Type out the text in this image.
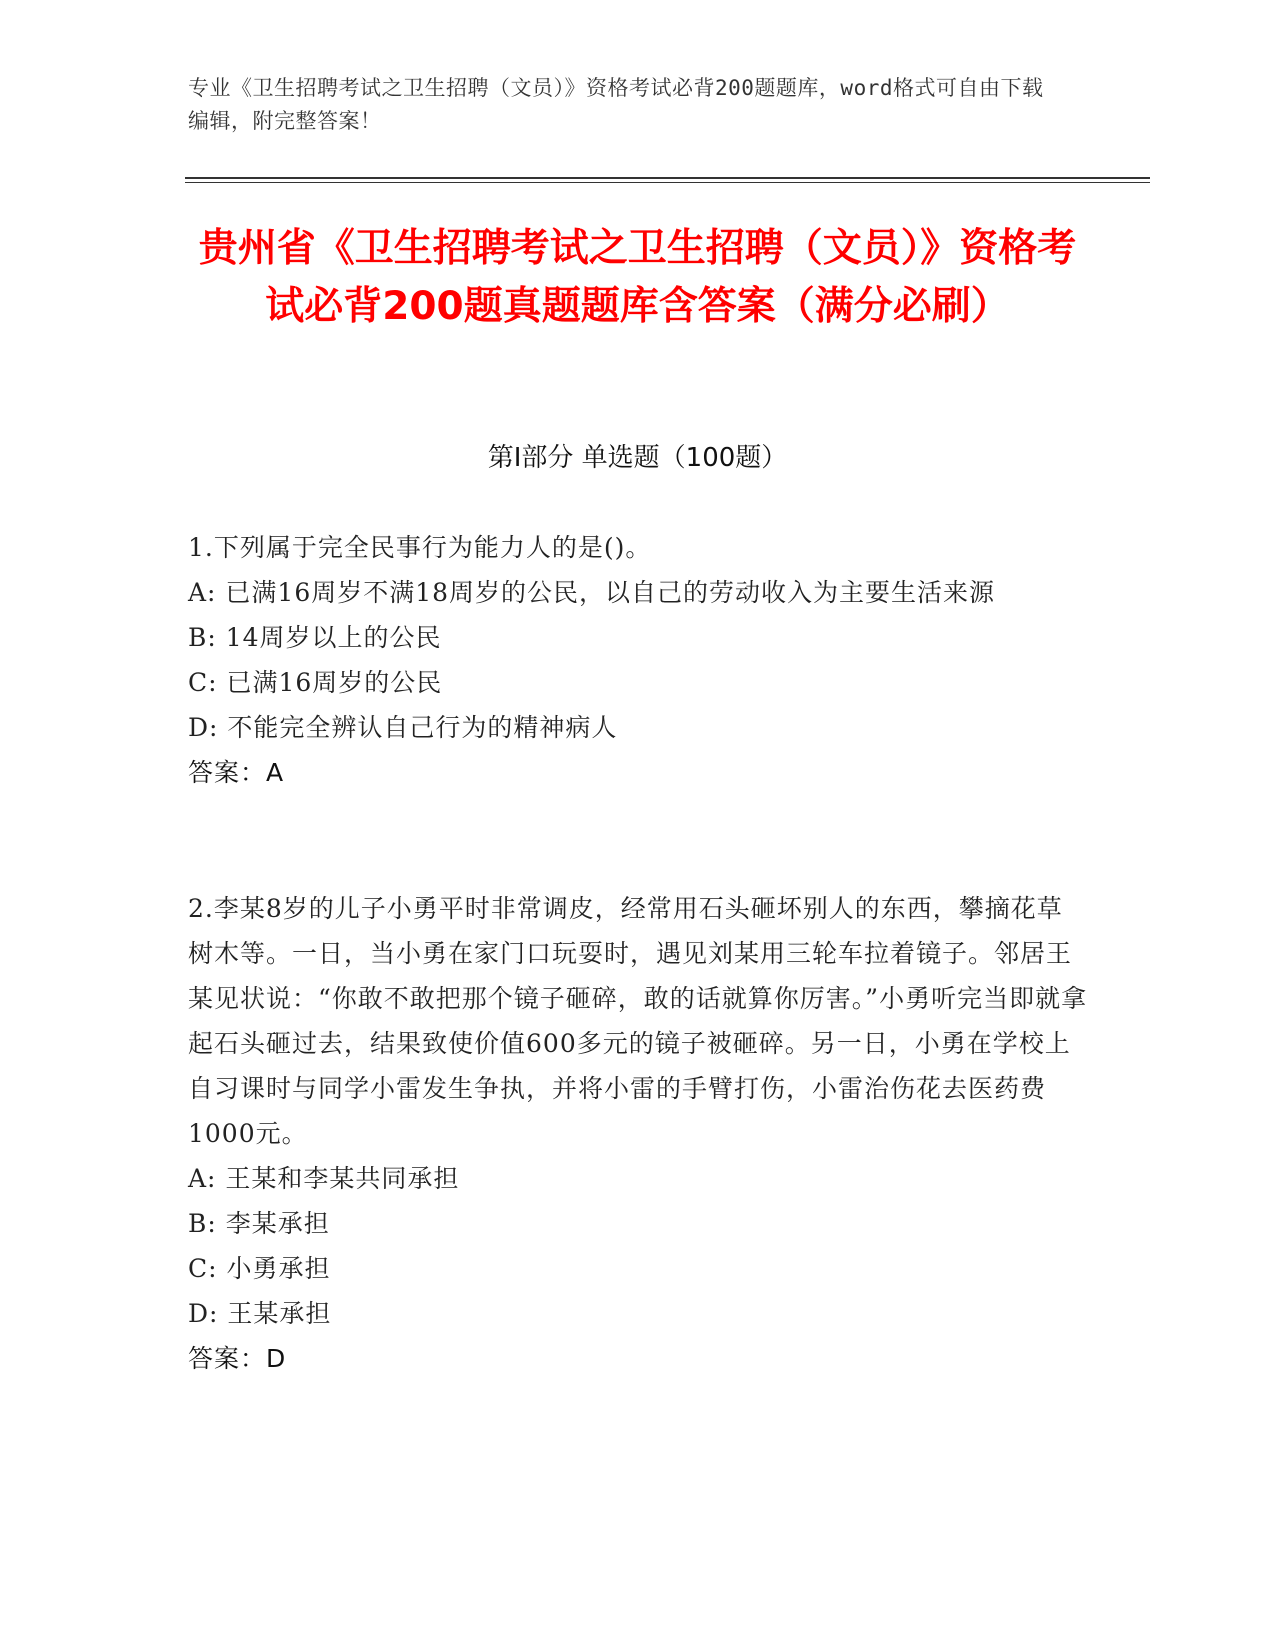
专业《卫生招聘考试之卫生招聘（文员）》资格考试必背200题题库，word格式可自由下载编辑，附完整答案！
贵州省《卫生招聘考试之卫生招聘（文员）》资格考试必背200题真题题库含答案（满分必刷）
第Ⅰ部分 单选题（100题）

1.下列属于完全民事行为能力人的是()。

A: 已满16周岁不满18周岁的公民，以自己的劳动收入为主要生活来源

B: 14周岁以上的公民

C: 已满16周岁的公民

D: 不能完全辨认自己行为的精神病人

答案：A

2.李某8岁的儿子小勇平时非常调皮，经常用石头砸坏别人的东西，攀摘花草树木等。一日，当小勇在家门口玩耍时，遇见刘某用三轮车拉着镜子。邻居王某见状说：“你敢不敢把那个镜子砸碎，敢的话就算你厉害。”小勇听完当即就拿起石头砸过去，结果致使价值600多元的镜子被砸碎。另一日，小勇在学校上自习课时与同学小雷发生争执，并将小雷的手臂打伤，小雷治伤花去医药费1000元。

A: 王某和李某共同承担

B: 李某承担

C: 小勇承担

D: 王某承担

答案：D
